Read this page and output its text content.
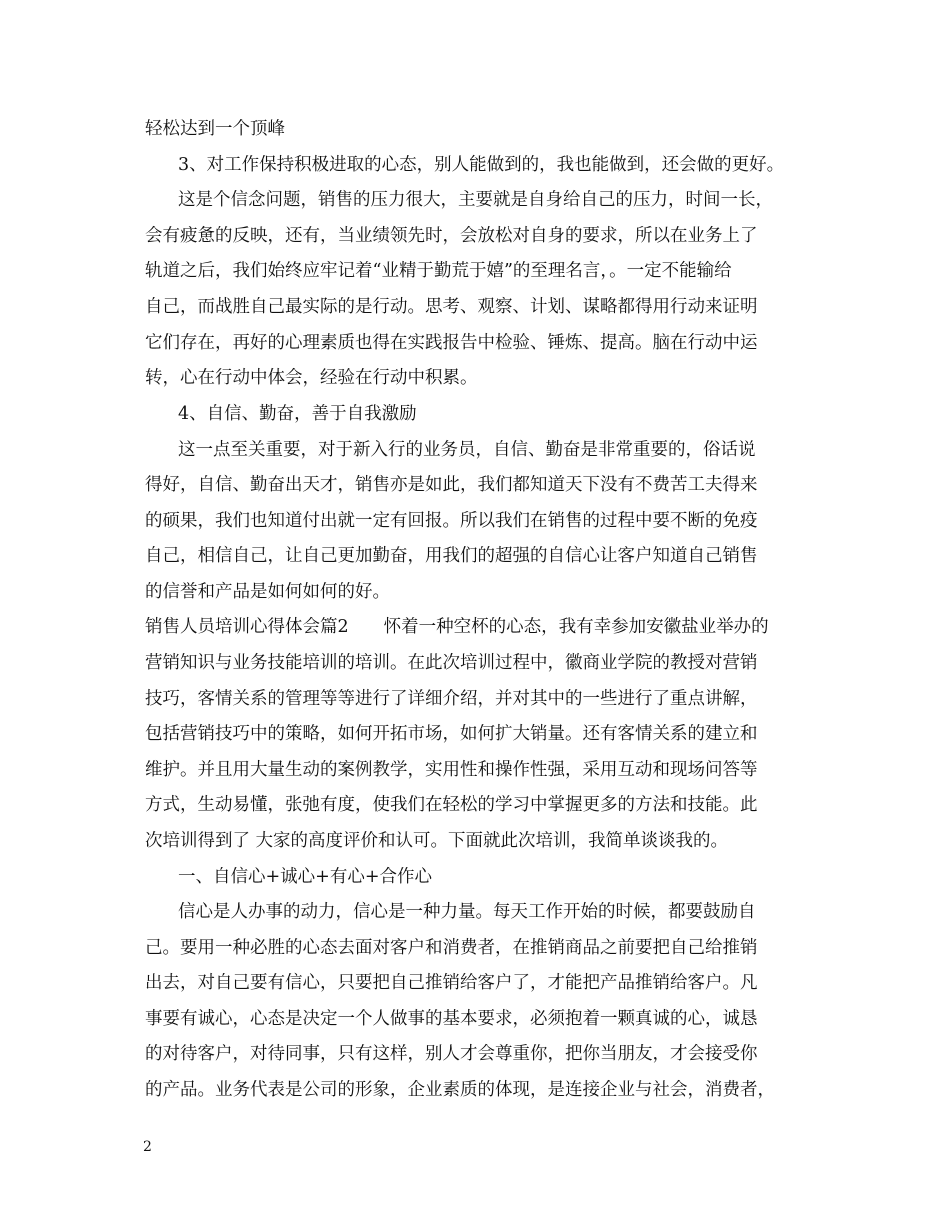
轻松达到一个顶峰
3、对工作保持积极进取的心态，别人能做到的，我也能做到，还会做的更好。
这是个信念问题，销售的压力很大，主要就是自身给自己的压力，时间一长，
会有疲惫的反映，还有，当业绩领先时，会放松对自身的要求，所以在业务上了
轨道之后，我们始终应牢记着“业精于勤荒于嬉”的至理名言，。一定不能输给
自己，而战胜自己最实际的是行动。思考、观察、计划、谋略都得用行动来证明
它们存在，再好的心理素质也得在实践报告中检验、锤炼、提高。脑在行动中运
转，心在行动中体会，经验在行动中积累。
4、自信、勤奋，善于自我激励
这一点至关重要，对于新入行的业务员，自信、勤奋是非常重要的，俗话说
得好，自信、勤奋出天才，销售亦是如此，我们都知道天下没有不费苦工夫得来
的硕果，我们也知道付出就一定有回报。所以我们在销售的过程中要不断的免疫
自己，相信自己，让自己更加勤奋，用我们的超强的自信心让客户知道自己销售
的信誉和产品是如何如何的好。
销售人员培训心得体会篇2　　怀着一种空杯的心态，我有幸参加安徽盐业举办的
营销知识与业务技能培训的培训。在此次培训过程中，徽商业学院的教授对营销
技巧，客情关系的管理等等进行了详细介绍，并对其中的一些进行了重点讲解，
包括营销技巧中的策略，如何开拓市场，如何扩大销量。还有客情关系的建立和
维护。并且用大量生动的案例教学，实用性和操作性强，采用互动和现场问答等
方式，生动易懂，张弛有度，使我们在轻松的学习中掌握更多的方法和技能。此
次培训得到了 大家的高度评价和认可。下面就此次培训，我简单谈谈我的。
一、自信心+诚心+有心+合作心
信心是人办事的动力，信心是一种力量。每天工作开始的时候，都要鼓励自
己。要用一种必胜的心态去面对客户和消费者，在推销商品之前要把自己给推销
出去，对自己要有信心，只要把自己推销给客户了，才能把产品推销给客户。凡
事要有诚心，心态是决定一个人做事的基本要求，必须抱着一颗真诚的心，诚恳
的对待客户，对待同事，只有这样，别人才会尊重你，把你当朋友，才会接受你
的产品。业务代表是公司的形象，企业素质的体现，是连接企业与社会，消费者，
2
